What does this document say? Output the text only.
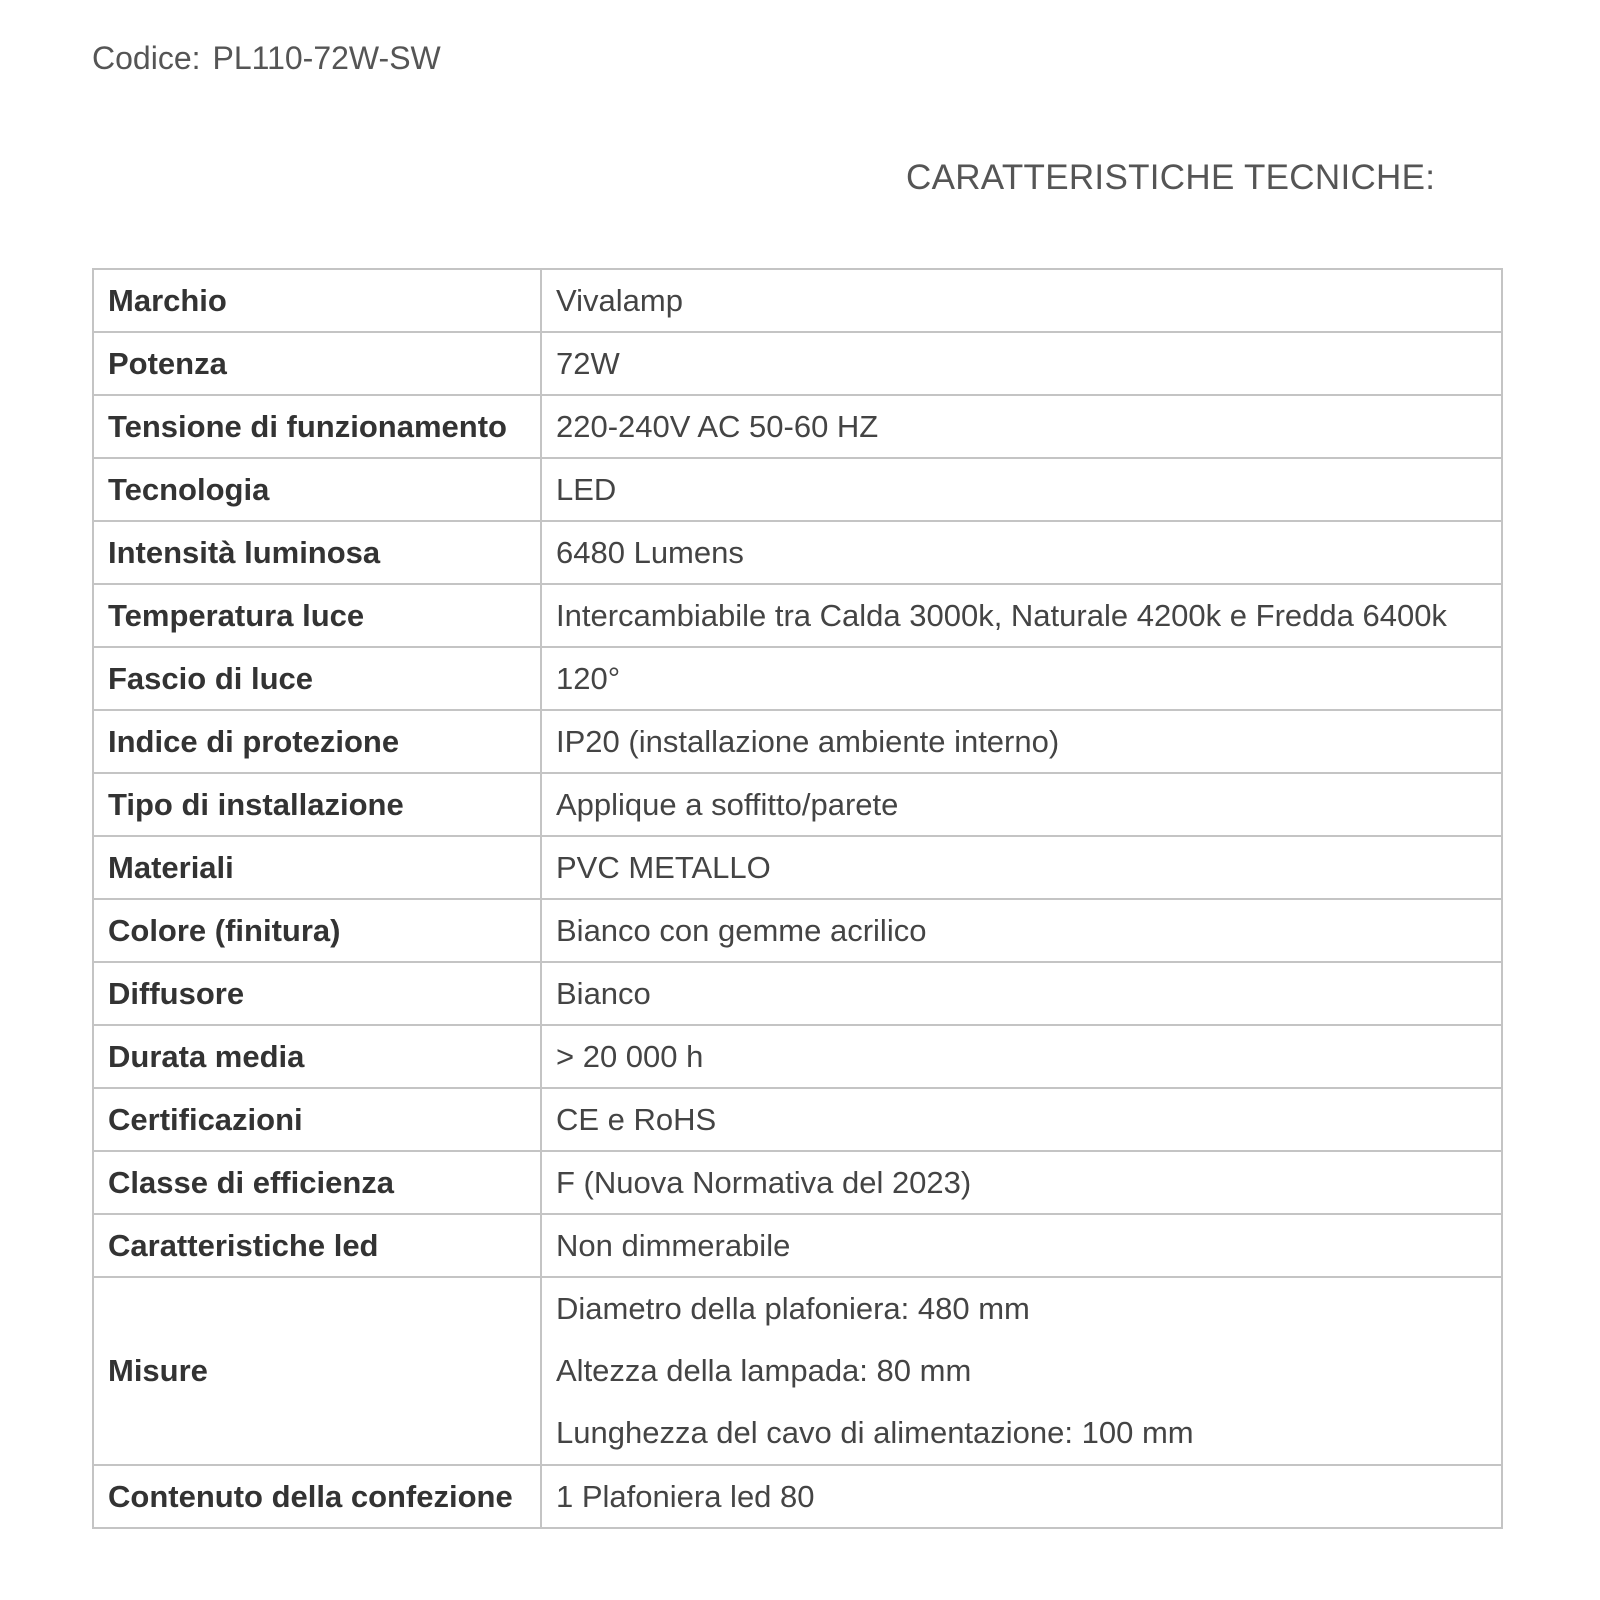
Codice: PL110-72W-SW
CARATTERISTICHE TECNICHE:
Marchio	Vivalamp
Potenza	72W
Tensione di funzionamento	220-240V AC 50-60 HZ
Tecnologia	LED
Intensità luminosa	6480 Lumens
Temperatura luce	Intercambiabile tra Calda 3000k, Naturale 4200k e Fredda 6400k
Fascio di luce	120°
Indice di protezione	IP20 (installazione ambiente interno)
Tipo di installazione	Applique a soffitto/parete
Materiali	PVC METALLO
Colore (finitura)	Bianco con gemme acrilico
Diffusore	Bianco
Durata media	> 20 000 h
Certificazioni	CE e RoHS
Classe di efficienza	F (Nuova Normativa del 2023)
Caratteristiche led	Non dimmerabile
Misure	Diametro della plafoniera: 480 mm
Altezza della lampada: 80 mm
Lunghezza del cavo di alimentazione: 100 mm

Contenuto della confezione	1 Plafoniera led 80
